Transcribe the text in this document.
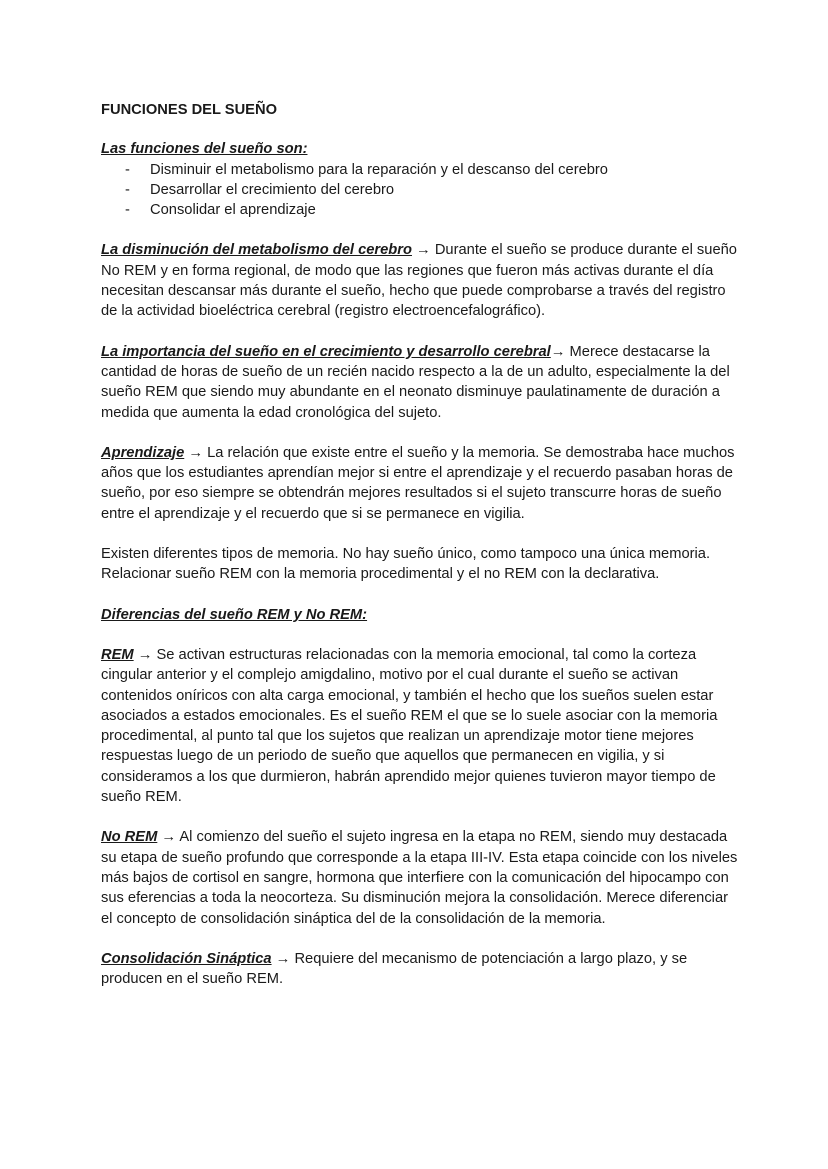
FUNCIONES DEL SUEÑO

Las funciones del sueño son:

- Disminuir el metabolismo para la reparación y el descanso del cerebro
- Desarrollar el crecimiento del cerebro
- Consolidar el aprendizaje

La disminución del metabolismo del cerebro → Durante el sueño se produce durante el sueño No REM y en forma regional, de modo que las regiones que fueron más activas durante el día necesitan descansar más durante el sueño, hecho que puede comprobarse a través del registro de la actividad bioeléctrica cerebral (registro electroencefalográfico).

La importancia del sueño en el crecimiento y desarrollo cerebral→ Merece destacarse la cantidad de horas de sueño de un recién nacido respecto a la de un adulto, especialmente la del sueño REM que siendo muy abundante en el neonato disminuye paulatinamente de duración a medida que aumenta la edad cronológica del sujeto.

Aprendizaje → La relación que existe entre el sueño y la memoria. Se demostraba hace muchos años que los estudiantes aprendían mejor si entre el aprendizaje y el recuerdo pasaban horas de sueño, por eso siempre se obtendrán mejores resultados si el sujeto transcurre horas de sueño entre el aprendizaje y el recuerdo que si se permanece en vigilia.

Existen diferentes tipos de memoria. No hay sueño único, como tampoco una única memoria.

Relacionar sueño REM con la memoria procedimental y el no REM con la declarativa.

Diferencias del sueño REM y No REM:

REM → Se activan estructuras relacionadas con la memoria emocional, tal como la corteza cingular anterior y el complejo amigdalino, motivo por el cual durante el sueño se activan contenidos oníricos con alta carga emocional, y también el hecho que los sueños suelen estar asociados a estados emocionales. Es el sueño REM el que se lo suele asociar con la memoria procedimental, al punto tal que los sujetos que realizan un aprendizaje motor tiene mejores respuestas luego de un periodo de sueño que aquellos que permanecen en vigilia, y si consideramos a los que durmieron, habrán aprendido mejor quienes tuvieron mayor tiempo de sueño REM.

No REM → Al comienzo del sueño el sujeto ingresa en la etapa no REM, siendo muy destacada su etapa de sueño profundo que corresponde a la etapa III-IV. Esta etapa coincide con los niveles más bajos de cortisol en sangre, hormona que interfiere con la comunicación del hipocampo con sus eferencias a toda la neocorteza. Su disminución mejora la consolidación. Merece diferenciar el concepto de consolidación sináptica del de la consolidación de la memoria.

Consolidación Sináptica → Requiere del mecanismo de potenciación a largo plazo, y se producen en el sueño REM.
